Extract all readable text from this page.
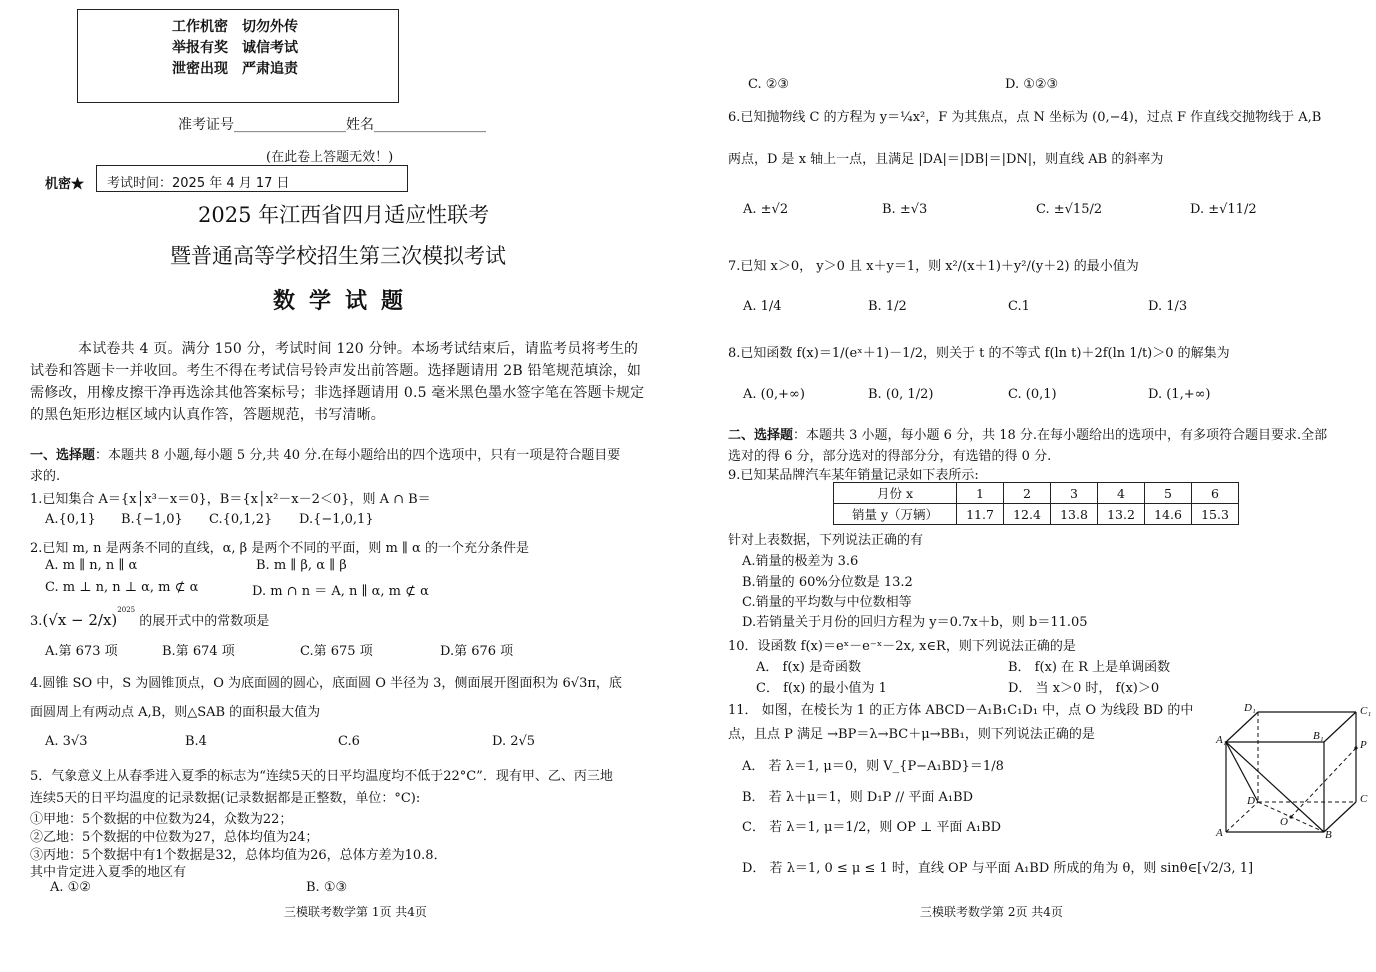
工作机密　切勿外传
举报有奖　诚信考试
泄密出现　严肃追责
准考证号________________姓名________________
(在此卷上答题无效！)
机密★ 考试时间：2025 年 4 月 17 日
2025 年江西省四月适应性联考
暨普通高等学校招生第三次模拟考试
数学试题
本试卷共 4 页。满分 150 分，考试时间 120 分钟。本场考试结束后，请监考员将考生的试卷和答题卡一并收回。考生不得在考试信号铃声发出前答题。选择题请用 2B 铅笔规范填涂，如需修改，用橡皮擦干净再选涂其他答案标号；非选择题请用 0.5 毫米黑色墨水签字笔在答题卡规定的黑色矩形边框区域内认真作答，答题规范，书写清晰。
一、选择题：本题共 8 小题,每小题 5 分,共 40 分.在每小题给出的四个选项中，只有一项是符合题目要
求的.
1.已知集合 A＝{x│x³－x＝0}，B＝{x│x²－x－2＜0}，则 A ∩ B＝
A.{0,1} B.{−1,0} C.{0,1,2} D.{−1,0,1}
2.已知 m, n 是两条不同的直线，α, β 是两个不同的平面，则 m ∥ α 的一个充分条件是
A. m ∥ n, n ∥ α	B. m ∥ β, α ∥ β
C. m ⊥ n, n ⊥ α, m ⊄ α	D. m ∩ n ＝ A, n ∥ α, m ⊄ α
$3.(√x - 2/x)^{2025}$ 的展开式中的常数项是
A.第 673 项	B.第 674 项	C.第 675 项	D.第 676 项
4.圆锥 SO 中，S 为圆锥顶点，O 为底面圆的圆心，底面圆 O 半径为 3，侧面展开图面积为 6√3π，底
面圆周上有两动点 A,B，则△SAB 的面积最大值为
A. 3√3	B.4	C.6	D. 2√5
5．气象意义上从春季进入夏季的标志为“连续5天的日平均温度均不低于22°C”．现有甲、乙、丙三地
连续5天的日平均温度的记录数据(记录数据都是正整数，单位：°C):
①甲地：5个数据的中位数为24，众数为22；
②乙地：5个数据的中位数为27，总体均值为24；
③丙地：5个数据中有1个数据是32，总体均值为26，总体方差为10.8．
其中肯定进入夏季的地区有
A. ①②	B. ①③
三模联考数学第 1页 共4页
C. ②③	D. ①②③
6.已知抛物线 C 的方程为 y＝¼x²，F 为其焦点，点 N 坐标为 (0,−4)，过点 F 作直线交抛物线于 A,B
两点，D 是 x 轴上一点，且满足 |DA|＝|DB|＝|DN|，则直线 AB 的斜率为
A. ±√2	B. ±√3	C. ±√15/2	D. ±√11/2
7.已知 x＞0， y＞0 且 x＋y＝1，则 x²/(x＋1)＋y²/(y＋2) 的最小值为
A. 1/4	B. 1/2	C.1	D. 1/3
8.已知函数 f(x)＝1/(eˣ＋1)－1/2，则关于 t 的不等式 f(ln t)＋2f(ln 1/t)＞0 的解集为
A. (0,+∞)	B. (0, 1/2)	C. (0,1)	D. (1,+∞)
二、选择题：本题共 3 小题，每小题 6 分，共 18 分.在每小题给出的选项中，有多项符合题目要求.全部
选对的得 6 分，部分选对的得部分分，有选错的得 0 分.
9.已知某品牌汽车某年销量记录如下表所示:
月份 x	1	2	3	4	5	6
销量 y（万辆）	11.7	12.4	13.8	13.2	14.6	15.3
针对上表数据，下列说法正确的有
A.销量的极差为 3.6
B.销量的 60%分位数是 13.2
C.销量的平均数与中位数相等
D.若销量关于月份的回归方程为 y＝0.7x＋b，则 b＝11.05
10．设函数 f(x)＝eˣ－e⁻ˣ－2x, x∈R，则下列说法正确的是
A． f(x) 是奇函数	B． f(x) 在 R 上是单调函数
C． f(x) 的最小值为 1	D． 当 x＞0 时， f(x)＞0
11． 如图，在棱长为 1 的正方体 ABCD－A₁B₁C₁D₁ 中，点 O 为线段 BD 的中
点，且点 P 满足 →BP＝λ→BC＋μ→BB₁，则下列说法正确的是
A． 若 λ＝1, μ＝0，则 V_{P−A₁BD}＝1/8
B． 若 λ＋μ＝1，则 D₁P // 平面 A₁BD
C． 若 λ＝1, μ＝1/2，则 OP ⊥ 平面 A₁BD
D． 若 λ＝1, 0 ≤ μ ≤ 1 时，直线 OP 与平面 A₁BD 所成的角为 θ，则 sinθ∈[√2/3, 1]
D₁	C₁
A₁	B₁
P
D	C
O
A	B
三模联考数学第 2页 共4页
